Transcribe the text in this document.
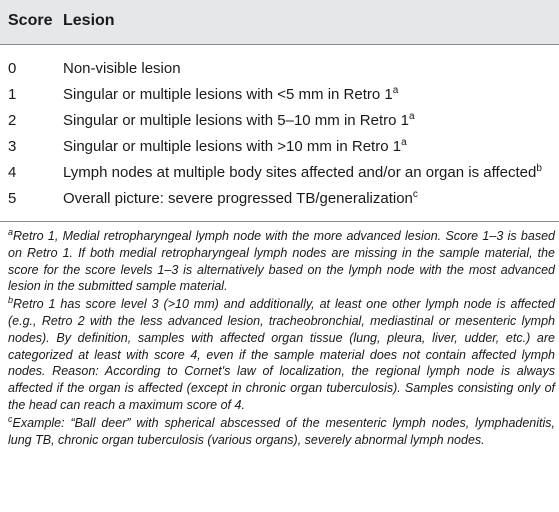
Score Lesion
0	Non-visible lesion
1	Singular or multiple lesions with <5 mm in Retro 1$^a$
2	Singular or multiple lesions with 5–10 mm in Retro 1$^a$
3	Singular or multiple lesions with >10 mm in Retro 1$^a$
4	Lymph nodes at multiple body sites affected and/or an organ is affected$^b$
5	Overall picture: severe progressed TB/generalization$^c$

$^a$Retro 1, Medial retropharyngeal lymph node with the more advanced lesion. Score 1–3 is based on Retro 1. If both medial retropharyngeal lymph nodes are missing in the sample material, the score for the score levels 1–3 is alternatively based on the lymph node with the most advanced lesion in the submitted sample material.

$^b$Retro 1 has score level 3 (>10 mm) and additionally, at least one other lymph node is affected (e.g., Retro 2 with the less advanced lesion, tracheobronchial, mediastinal or mesenteric lymph nodes). By definition, samples with affected organ tissue (lung, pleura, liver, udder, etc.) are categorized at least with score 4, even if the sample material does not contain affected lymph nodes. Reason: According to Cornet's law of localization, the regional lymph node is always affected if the organ is affected (except in chronic organ tuberculosis). Samples consisting only of the head can reach a maximum score of 4.

$^c$Example: “Ball deer” with spherical abscessed of the mesenteric lymph nodes, lymphadenitis, lung TB, chronic organ tuberculosis (various organs), severely abnormal lymph nodes.
